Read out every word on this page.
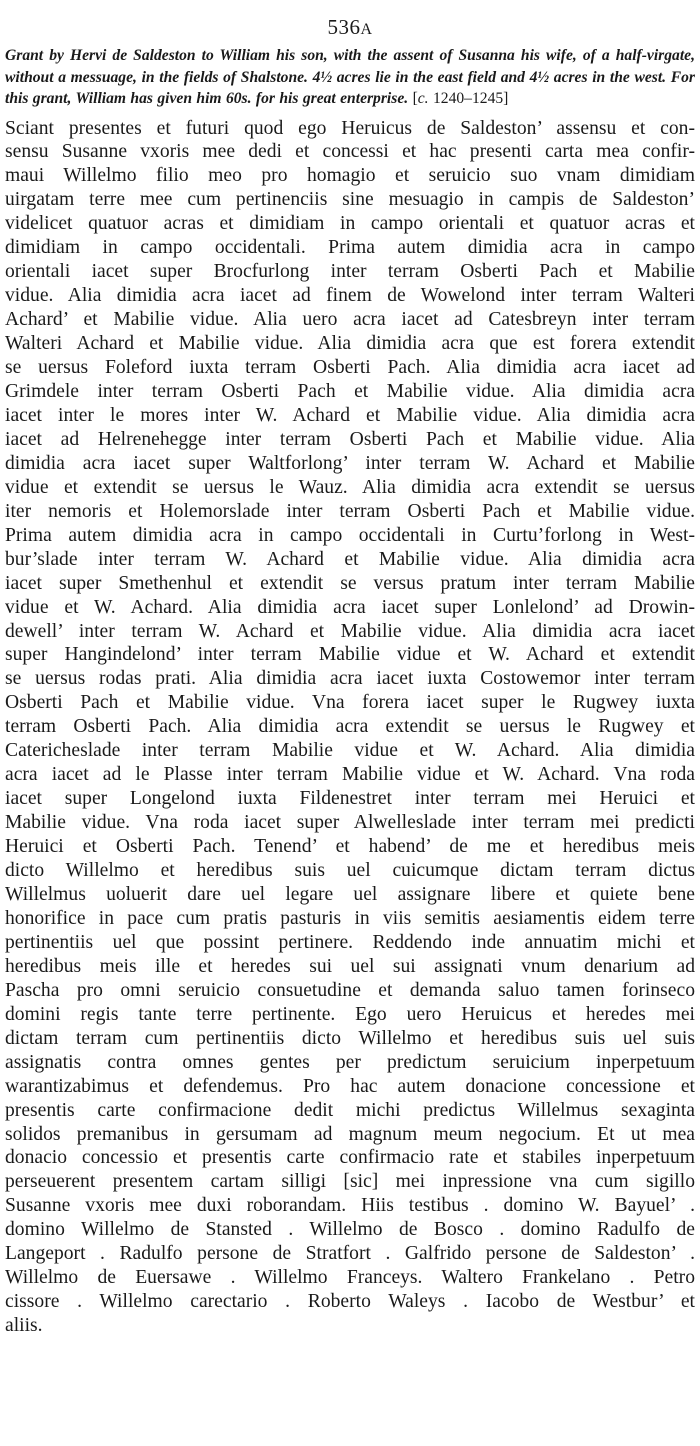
536A
Grant by Hervi de Saldeston to William his son, with the assent of Susanna his wife, of a half-virgate, without a messuage, in the fields of Shalstone. 4½ acres lie in the east field and 4½ acres in the west. For this grant, William has given him 60s. for his great enterprise. [c. 1240–1245]
Sciant presentes et futuri quod ego Heruicus de Saldeston’ assensu et con-
sensu Susanne vxoris mee dedi et concessi et hac presenti carta mea confir-
maui Willelmo filio meo pro homagio et seruicio suo vnam dimidiam
uirgatam terre mee cum pertinenciis sine mesuagio in campis de Saldeston’
videlicet quatuor acras et dimidiam in campo orientali et quatuor acras et
dimidiam in campo occidentali. Prima autem dimidia acra in campo
orientali iacet super Brocfurlong inter terram Osberti Pach et Mabilie
vidue. Alia dimidia acra iacet ad finem de Wowelond inter terram Walteri
Achard’ et Mabilie vidue. Alia uero acra iacet ad Catesbreyn inter terram
Walteri Achard et Mabilie vidue. Alia dimidia acra que est forera extendit
se uersus Foleford iuxta terram Osberti Pach. Alia dimidia acra iacet ad
Grimdele inter terram Osberti Pach et Mabilie vidue. Alia dimidia acra
iacet inter le mores inter W. Achard et Mabilie vidue. Alia dimidia acra
iacet ad Helrenehegge inter terram Osberti Pach et Mabilie vidue. Alia
dimidia acra iacet super Waltforlong’ inter terram W. Achard et Mabilie
vidue et extendit se uersus le Wauz. Alia dimidia acra extendit se uersus
iter nemoris et Holemorslade inter terram Osberti Pach et Mabilie vidue.
Prima autem dimidia acra in campo occidentali in Curtu’forlong in West-
bur’slade inter terram W. Achard et Mabilie vidue. Alia dimidia acra
iacet super Smethenhul et extendit se versus pratum inter terram Mabilie
vidue et W. Achard. Alia dimidia acra iacet super Lonlelond’ ad Drowin-
dewell’ inter terram W. Achard et Mabilie vidue. Alia dimidia acra iacet
super Hangindelond’ inter terram Mabilie vidue et W. Achard et extendit
se uersus rodas prati. Alia dimidia acra iacet iuxta Costowemor inter terram
Osberti Pach et Mabilie vidue. Vna forera iacet super le Rugwey iuxta
terram Osberti Pach. Alia dimidia acra extendit se uersus le Rugwey et
Catericheslade inter terram Mabilie vidue et W. Achard. Alia dimidia
acra iacet ad le Plasse inter terram Mabilie vidue et W. Achard. Vna roda
iacet super Longelond iuxta Fildenestret inter terram mei Heruici et
Mabilie vidue. Vna roda iacet super Alwelleslade inter terram mei predicti
Heruici et Osberti Pach. Tenend’ et habend’ de me et heredibus meis
dicto Willelmo et heredibus suis uel cuicumque dictam terram dictus
Willelmus uoluerit dare uel legare uel assignare libere et quiete bene
honorifice in pace cum pratis pasturis in viis semitis aesiamentis eidem terre
pertinentiis uel que possint pertinere. Reddendo inde annuatim michi et
heredibus meis ille et heredes sui uel sui assignati vnum denarium ad
Pascha pro omni seruicio consuetudine et demanda saluo tamen forinseco
domini regis tante terre pertinente. Ego uero Heruicus et heredes mei
dictam terram cum pertinentiis dicto Willelmo et heredibus suis uel suis
assignatis contra omnes gentes per predictum seruicium inperpetuum
warantizabimus et defendemus. Pro hac autem donacione concessione et
presentis carte confirmacione dedit michi predictus Willelmus sexaginta
solidos premanibus in gersumam ad magnum meum negocium. Et ut mea
donacio concessio et presentis carte confirmacio rate et stabiles inperpetuum
perseuerent presentem cartam silligi [sic] mei inpressione vna cum sigillo
Susanne vxoris mee duxi roborandam. Hiis testibus . domino W. Bayuel’ .
domino Willelmo de Stansted . Willelmo de Bosco . domino Radulfo de
Langeport . Radulfo persone de Stratfort . Galfrido persone de Saldeston’ .
Willelmo de Euersawe . Willelmo Franceys. Waltero Frankelano . Petro
cissore . Willelmo carectario . Roberto Waleys . Iacobo de Westbur’ et
aliis.
